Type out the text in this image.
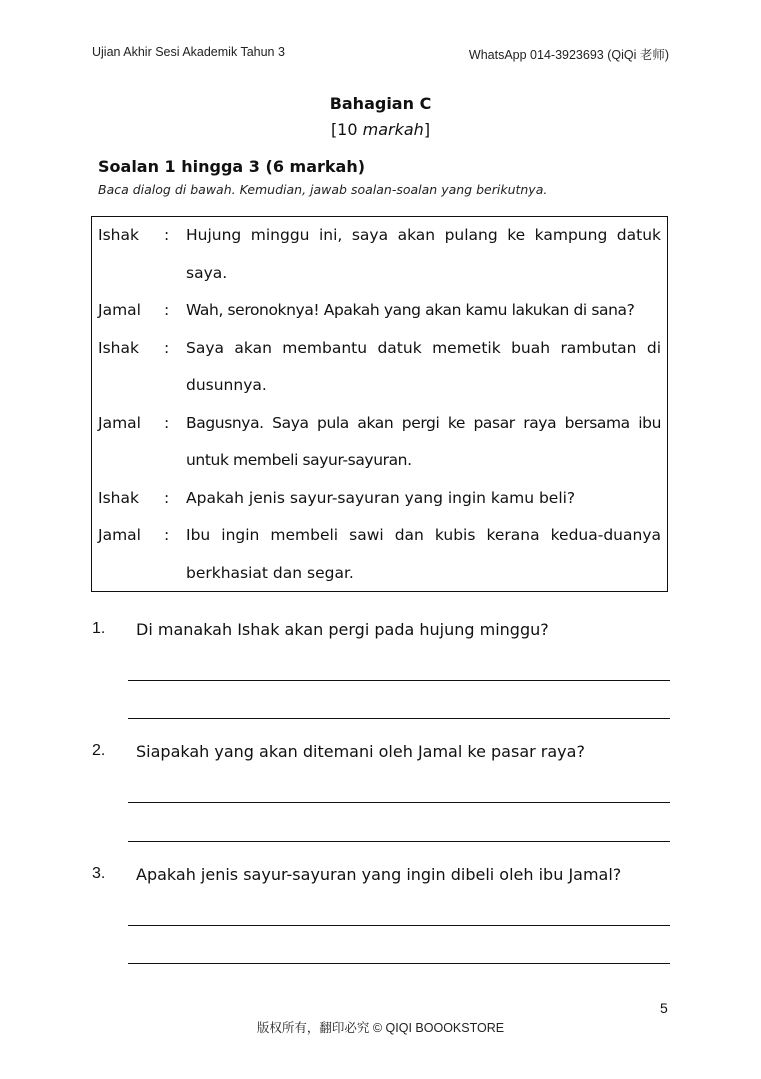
Ujian Akhir Sesi Akademik Tahun 3	WhatsApp 014-3923693 (QiQi 老师)
Bahagian C
[10 markah]
Soalan 1 hingga 3 (6 markah)
Baca dialog di bawah. Kemudian, jawab soalan-soalan yang berikutnya.
Ishak	:	Hujung minggu ini, saya akan pulang ke kampung datuk saya.
Jamal	:	Wah, seronoknya! Apakah yang akan kamu lakukan di sana?
Ishak	:	Saya akan membantu datuk memetik buah rambutan di dusunnya.
Jamal	:	Bagusnya. Saya pula akan pergi ke pasar raya bersama ibu untuk membeli sayur-sayuran.
Ishak	:	Apakah jenis sayur-sayuran yang ingin kamu beli?
Jamal	:	Ibu ingin membeli sawi dan kubis kerana kedua-duanya berkhasiat dan segar.
1.	Di manakah Ishak akan pergi pada hujung minggu?
2.	Siapakah yang akan ditemani oleh Jamal ke pasar raya?
3.	Apakah jenis sayur-sayuran yang ingin dibeli oleh ibu Jamal?
5
版权所有，翻印必究 © QIQI BOOOKSTORE
